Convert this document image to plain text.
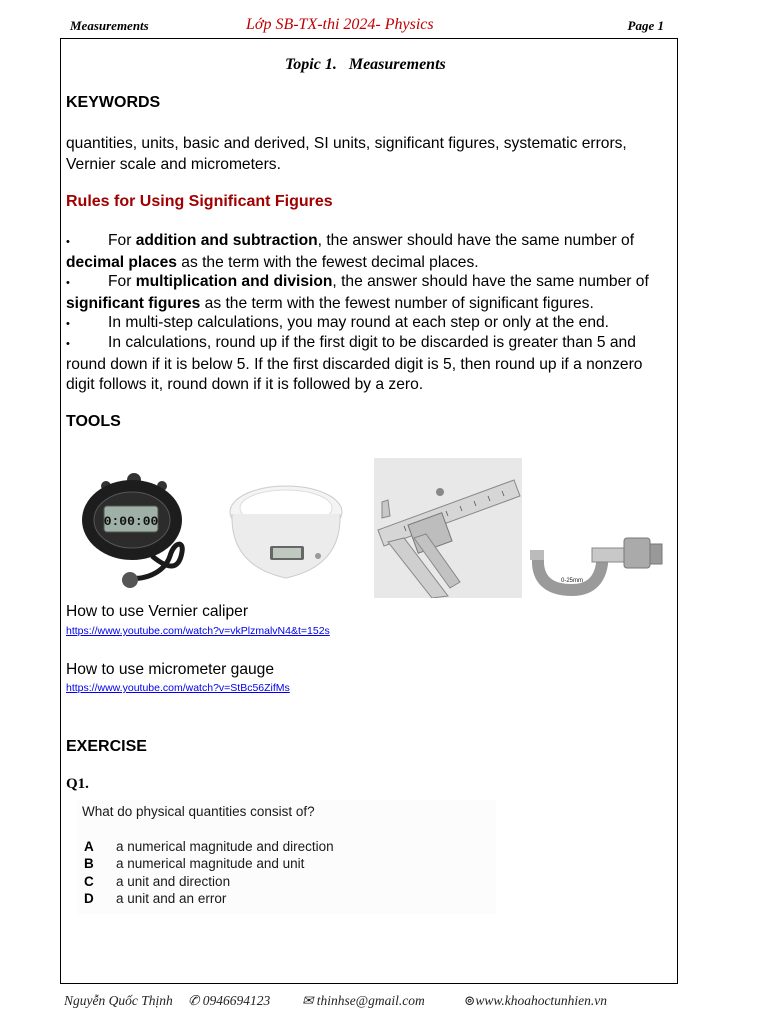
Measurements	Lớp SB-TX-thi 2024- Physics	Page 1
Topic 1.   Measurements
KEYWORDS
quantities, units, basic and derived, SI units, significant figures, systematic errors,
Vernier scale and micrometers.
Rules for Using Significant Figures
• For addition and subtraction, the answer should have the same number of
decimal places as the term with the fewest decimal places.
• For multiplication and division, the answer should have the same number of
significant figures as the term with the fewest number of significant figures.
• In multi-step calculations, you may round at each step or only at the end.
• In calculations, round up if the first digit to be discarded is greater than 5 and
round down if it is below 5. If the first discarded digit is 5, then round up if a nonzero
digit follows it, round down if it is followed by a zero.
TOOLS
0:00:00
0-25mm
How to use Vernier caliper
https://www.youtube.com/watch?v=vkPlzmalvN4&t=152s
How to use micrometer gauge
https://www.youtube.com/watch?v=StBc56ZifMs
EXERCISE
Q1.
What do physical quantities consist of?
A a numerical magnitude and direction
B a numerical magnitude and unit
C a unit and direction
D a unit and an error
Nguyễn Quốc Thịnh ✆ 0946694123 ✉ thinhse@gmail.com	⊚www.khoahoctunhien.vn
